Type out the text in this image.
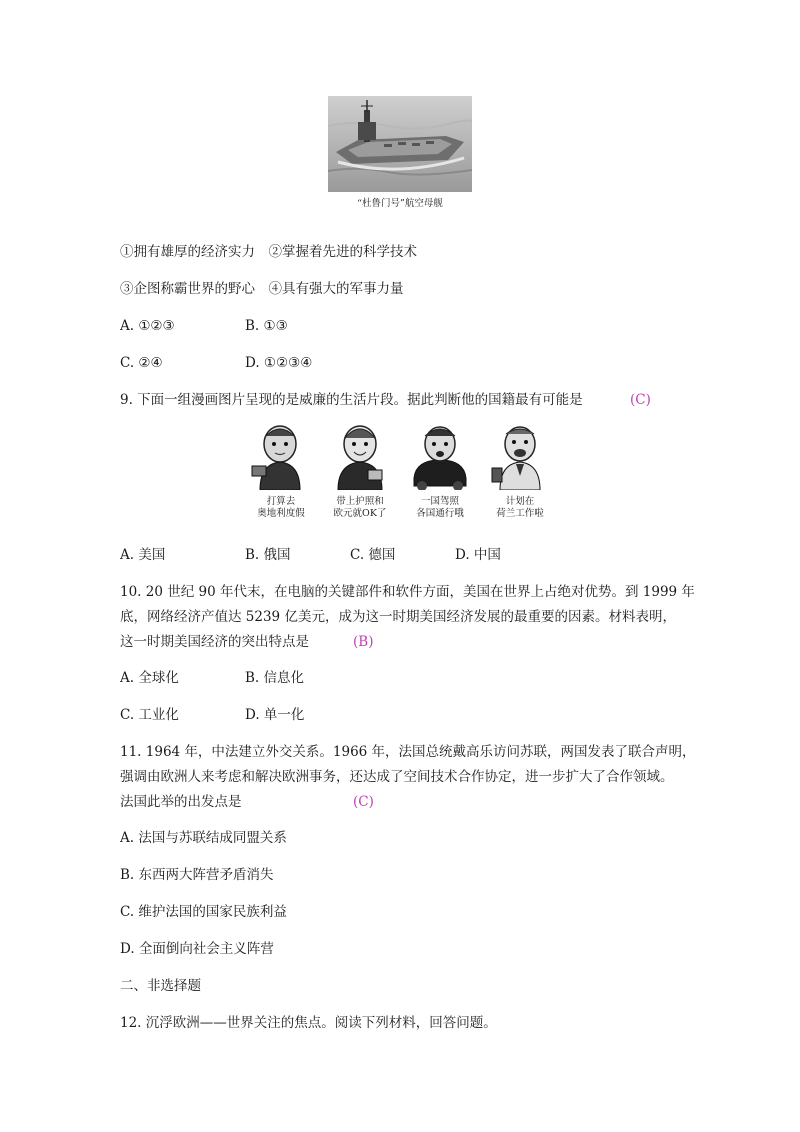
“杜鲁门号”航空母舰
①拥有雄厚的经济实力　②掌握着先进的科学技术
③企图称霸世界的野心　④具有强大的军事力量
A. ①②③	B. ①③
C. ②④	D. ①②③④
9. 下面一组漫画图片呈现的是威廉的生活片段。据此判断他的国籍最有可能是	(C)
打算去
奥地利度假
带上护照和
欧元就OK了
一国驾照
各国通行哦
计划在
荷兰工作啦
A. 美国	B. 俄国	C. 德国	D. 中国
10. 20 世纪 90 年代末，在电脑的关键部件和软件方面，美国在世界上占绝对优势。到 1999 年
底，网络经济产值达 5239 亿美元，成为这一时期美国经济发展的最重要的因素。材料表明，
这一时期美国经济的突出特点是	(B)
A. 全球化	B. 信息化
C. 工业化	D. 单一化
11. 1964 年，中法建立外交关系。1966 年，法国总统戴高乐访问苏联，两国发表了联合声明，
强调由欧洲人来考虑和解决欧洲事务，还达成了空间技术合作协定，进一步扩大了合作领域。
法国此举的出发点是	(C)
A. 法国与苏联结成同盟关系
B. 东西两大阵营矛盾消失
C. 维护法国的国家民族利益
D. 全面倒向社会主义阵营
二、非选择题
12. 沉浮欧洲——世界关注的焦点。阅读下列材料，回答问题。
